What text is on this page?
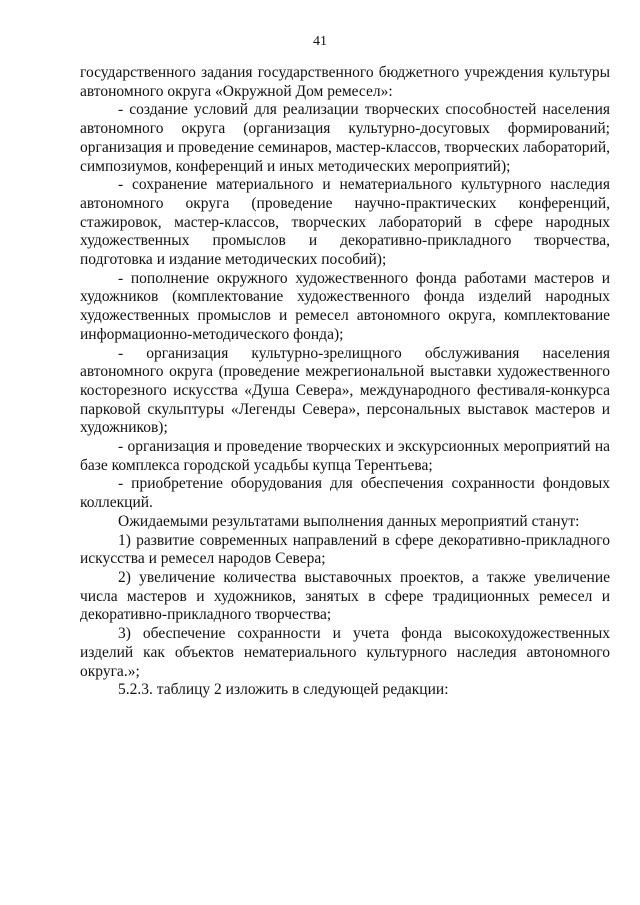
41

государственного задания государственного бюджетного учреждения культуры автономного округа «Окружной Дом ремесел»:

- создание условий для реализации творческих способностей населения автономного округа (организация культурно-досуговых формирований; организация и проведение семинаров, мастер-классов, творческих лабораторий, симпозиумов, конференций и иных методических мероприятий);

- сохранение материального и нематериального культурного наследия автономного округа (проведение научно-практических конференций, стажировок, мастер-классов, творческих лабораторий в сфере народных художественных промыслов и декоративно-прикладного творчества, подготовка и издание методических пособий);

- пополнение окружного художественного фонда работами мастеров и художников (комплектование художественного фонда изделий народных художественных промыслов и ремесел автономного округа, комплектование информационно-методического фонда);

- организация культурно-зрелищного обслуживания населения автономного округа (проведение межрегиональной выставки художественного косторезного искусства «Душа Севера», международного фестиваля-конкурса парковой скульптуры «Легенды Севера», персональных выставок мастеров и художников);

- организация и проведение творческих и экскурсионных мероприятий на базе комплекса городской усадьбы купца Терентьева;

- приобретение оборудования для обеспечения сохранности фондовых коллекций.

Ожидаемыми результатами выполнения данных мероприятий станут:

1) развитие современных направлений в сфере декоративно-прикладного искусства и ремесел народов Севера;

2) увеличение количества выставочных проектов, а также увеличение числа мастеров и художников, занятых в сфере традиционных ремесел и декоративно-прикладного творчества;

3) обеспечение сохранности и учета фонда высокохудожественных изделий как объектов нематериального культурного наследия автономного округа.»;

5.2.3. таблицу 2 изложить в следующей редакции:
